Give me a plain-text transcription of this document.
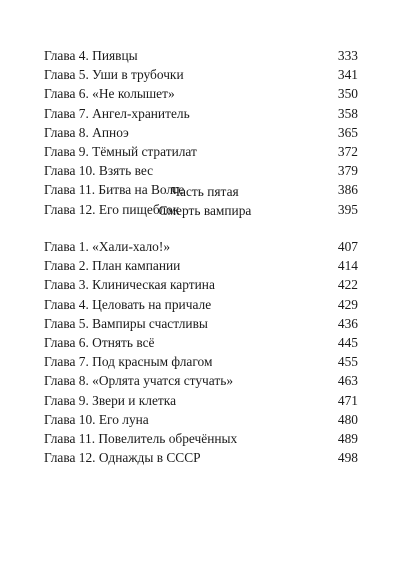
Глава 4. Пиявцы	333
Глава 5. Уши в трубочки	341
Глава 6. «Не колышет»	350
Глава 7. Ангел-хранитель	358
Глава 8. Апноэ	365
Глава 9. Тёмный стратилат	372
Глава 10. Взять вес	379
Глава 11. Битва на Волге	386
Глава 12. Его пищеблок	395
Часть пятая
Смерть вампира
Глава 1. «Хали-хало!»	407
Глава 2. План кампании	414
Глава 3. Клиническая картина	422
Глава 4. Целовать на причале	429
Глава 5. Вампиры счастливы	436
Глава 6. Отнять всё	445
Глава 7. Под красным флагом	455
Глава 8. «Орлята учатся стучать»	463
Глава 9. Звери и клетка	471
Глава 10. Его луна	480
Глава 11. Повелитель обречённых	489
Глава 12. Однажды в СССР	498
